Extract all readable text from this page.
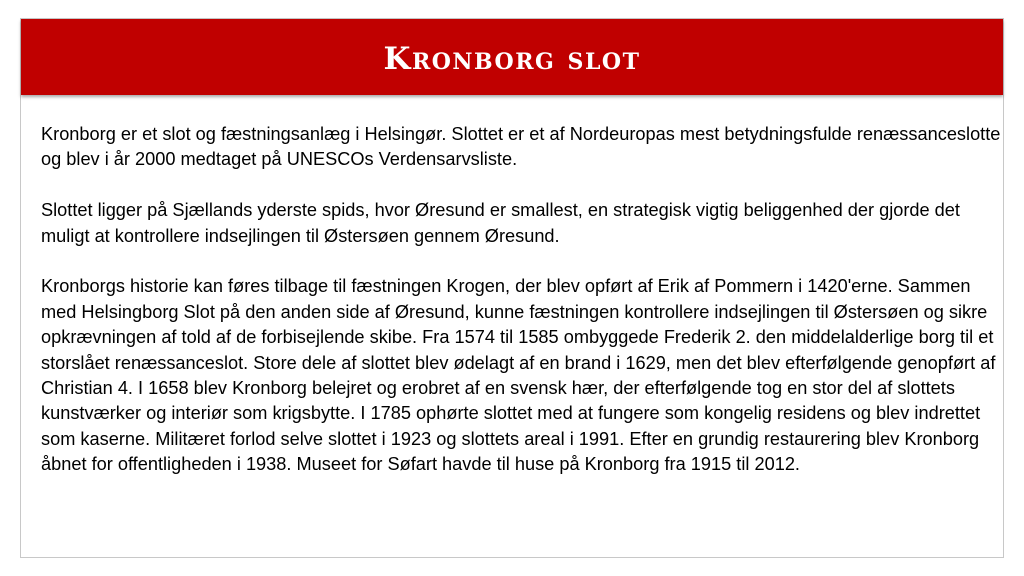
Kronborg slot

Kronborg er et slot og fæstningsanlæg i Helsingør. Slottet er et af Nordeuropas mest betydningsfulde renæssanceslotte og blev i år 2000 medtaget på UNESCOs Verdensarvsliste.

Slottet ligger på Sjællands yderste spids, hvor Øresund er smallest, en strategisk vigtig beliggenhed der gjorde det muligt at kontrollere indsejlingen til Østersøen gennem Øresund.

Kronborgs historie kan føres tilbage til fæstningen Krogen, der blev opført af Erik af Pommern i 1420'erne. Sammen med Helsingborg Slot på den anden side af Øresund, kunne fæstningen kontrollere indsejlingen til Østersøen og sikre opkrævningen af told af de forbisejlende skibe. Fra 1574 til 1585 ombyggede Frederik 2. den middelalderlige borg til et storslået renæssanceslot. Store dele af slottet blev ødelagt af en brand i 1629, men det blev efterfølgende genopført af Christian 4. I 1658 blev Kronborg belejret og erobret af en svensk hær, der efterfølgende tog en stor del af slottets kunstværker og interiør som krigsbytte. I 1785 ophørte slottet med at fungere som kongelig residens og blev indrettet som kaserne. Militæret forlod selve slottet i 1923 og slottets areal i 1991. Efter en grundig restaurering blev Kronborg åbnet for offentligheden i 1938. Museet for Søfart havde til huse på Kronborg fra 1915 til 2012.
